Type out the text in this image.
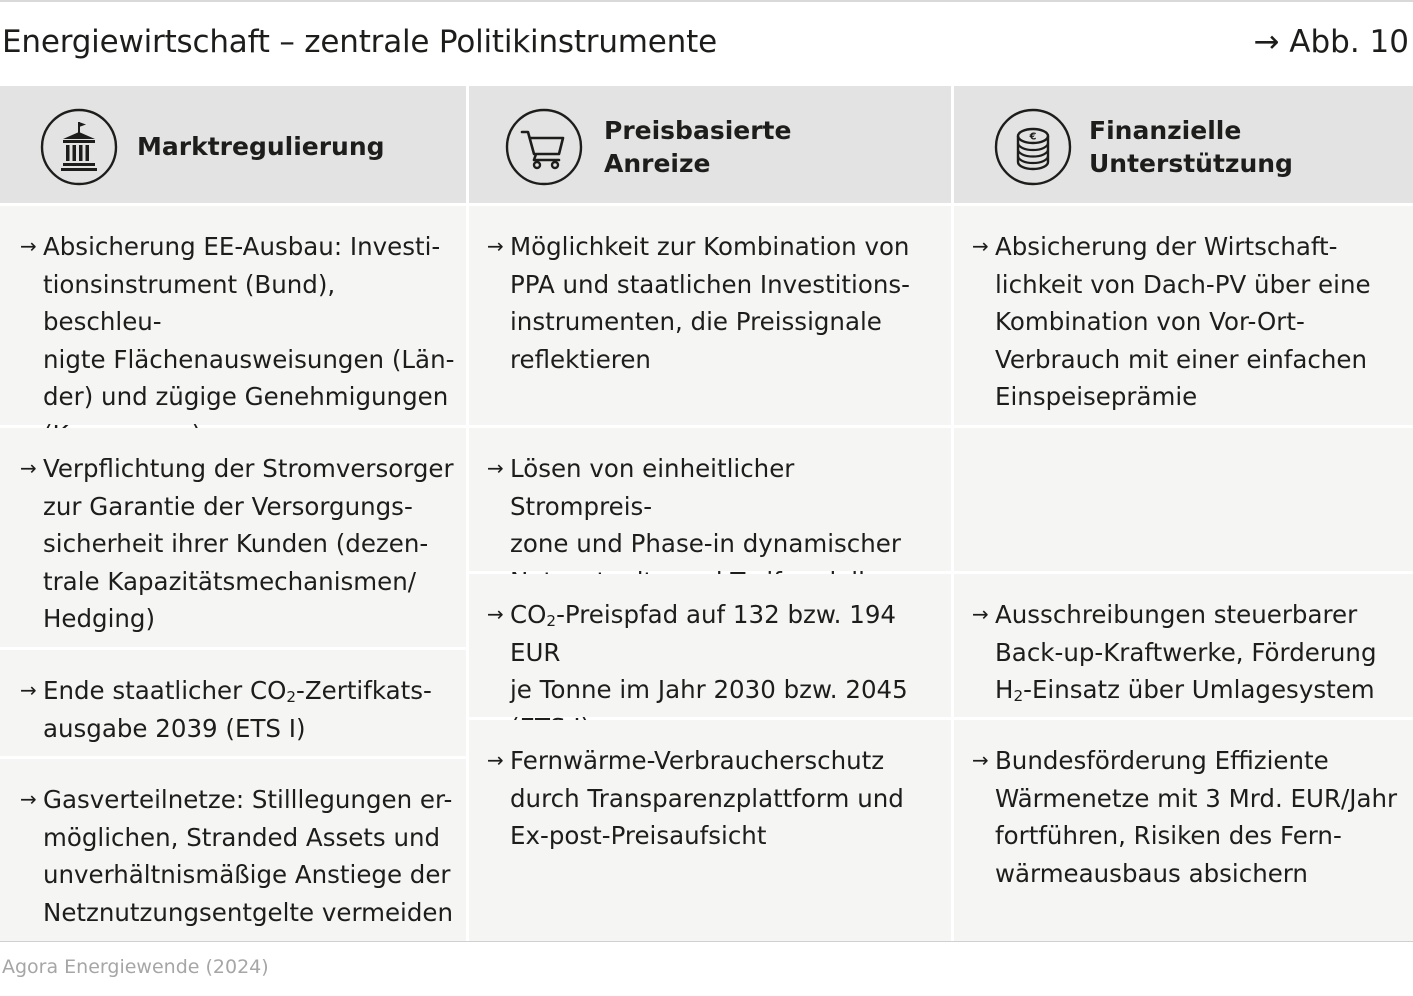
Energiewirtschaft – zentrale Politikinstrumente	→ Abb. 10
Marktregulierung
Preisbasierte
Anreize
€ Finanzielle
Unterstützung
→ Absicherung EE-Ausbau: Investi-
tionsinstrument (Bund), beschleu-
nigte Flächenausweisungen (Län-
der) und zügige Genehmigungen

→ Verpflichtung der Stromversorger
zur Garantie der Versorgungs-
sicherheit ihrer Kunden (dezen-
trale Kapazitätsmechanismen/
Hedging)
→ Ende staatlicher $CO_2-Zertifkats-$
ausgabe 2039 (ETS I)
→ Gasverteilnetze: Stilllegungen er-
möglichen, Stranded Assets und
unverhältnismäßige Anstiege der
Netznutzungsentgelte vermeiden
→ Möglichkeit zur Kombination von
PPA und staatlichen Investitions-
instrumenten, die Preissignale
reflektieren
→ Lösen von einheitlicher Strompreis-
zone und Phase-in dynamischer

→ $CO_2$-Preispfad auf 132 bzw. 194 EUR
je Tonne im Jahr 2030 bzw. 2045

→ Fernwärme-Verbraucherschutz
durch Transparenzplattform und
Ex-post-Preisaufsicht
→ Absicherung der Wirtschaft-
lichkeit von Dach-PV über eine
Kombination von Vor-Ort-
Verbrauch mit einer einfachen
Einspeiseprämie
→ Ausschreibungen steuerbarer
Back-up-Kraftwerke, Förderung
$H_2$-Einsatz über Umlagesystem
→ Bundesförderung Effiziente
Wärmenetze mit 3 Mrd. EUR/Jahr
fortführen, Risiken des Fern-
wärmeausbaus absichern
Agora Energiewende (2024)
